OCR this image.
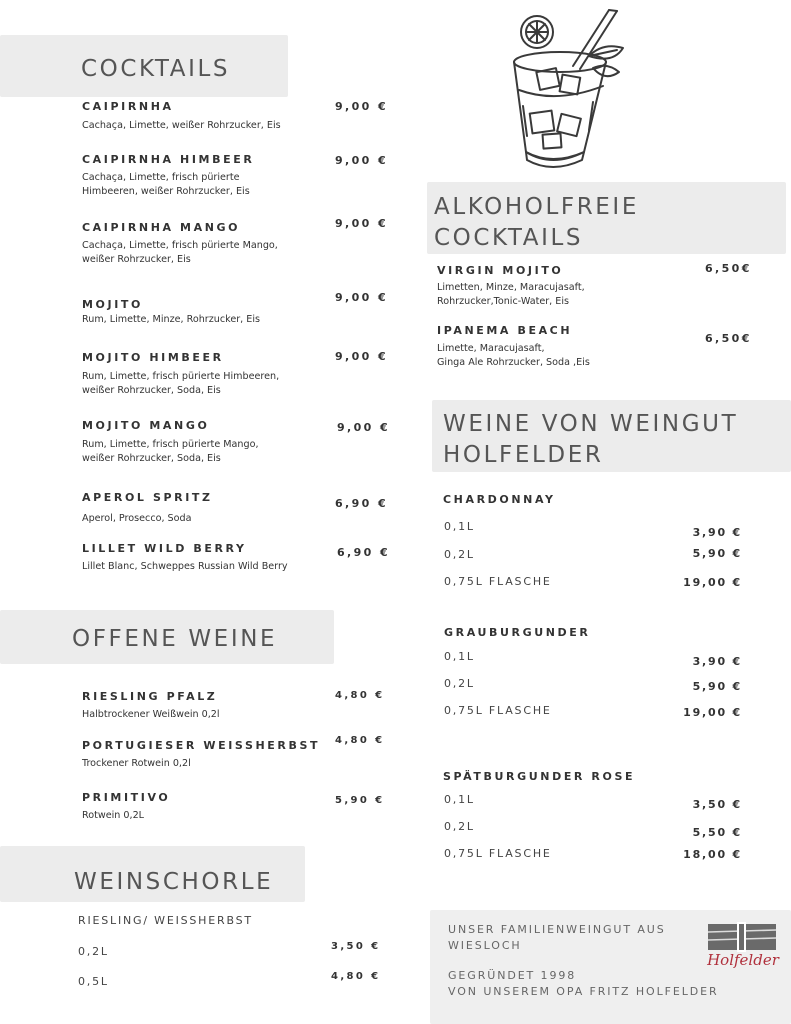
COCKTAILS
CAIPIRNHA
Cachaça, Limette, weißer Rohrzucker, Eis
9,00 €
CAIPIRNHA HIMBEER
Cachaça, Limette, frisch pürierte
Himbeeren, weißer Rohrzucker, Eis
9,00 €
CAIPIRNHA MANGO
Cachaça, Limette, frisch pürierte Mango,
weißer Rohrzucker, Eis
9,00 €
MOJITO
Rum, Limette, Minze, Rohrzucker, Eis
9,00 €
MOJITO HIMBEER
Rum, Limette, frisch pürierte Himbeeren,
weißer Rohrzucker, Soda, Eis
9,00 €
MOJITO MANGO
Rum, Limette, frisch pürierte Mango,
weißer Rohrzucker, Soda, Eis
9,00 €
APEROL SPRITZ
Aperol, Prosecco, Soda
6,90 €
LILLET WILD BERRY
Lillet Blanc, Schweppes Russian Wild Berry
6,90 €
OFFENE WEINE
RIESLING PFALZ
Halbtrockener Weißwein 0,2l
4,80 €
PORTUGIESER WEISSHERBST
Trockener Rotwein 0,2l
4,80 €
PRIMITIVO
Rotwein 0,2L
5,90 €
WEINSCHORLE
RIESLING/ WEISSHERBST
0,2L	3,50 €
0,5L	4,80 €
ALKOHOLFREIE
COCKTAILS
VIRGIN MOJITO
Limetten, Minze, Maracujasaft,
Rohrzucker,Tonic-Water, Eis
6,50€
IPANEMA BEACH
Limette, Maracujasaft,
Ginga Ale Rohrzucker, Soda ,Eis
6,50€
WEINE VON WEINGUT
HOLFELDER
CHARDONNAY
0,1L	3,90 €
0,2L	5,90 €
0,75L FLASCHE	19,00 €
GRAUBURGUNDER
0,1L	3,90 €
0,2L	5,90 €
0,75L FLASCHE	19,00 €
SPÄTBURGUNDER ROSE
0,1L	3,50 €
0,2L	5,50 €
0,75L FLASCHE	18,00 €
UNSER FAMILIENWEINGUT AUS
WIESLOCH
GEGRÜNDET 1998
VON UNSEREM OPA FRITZ HOLFELDER
Holfelder
